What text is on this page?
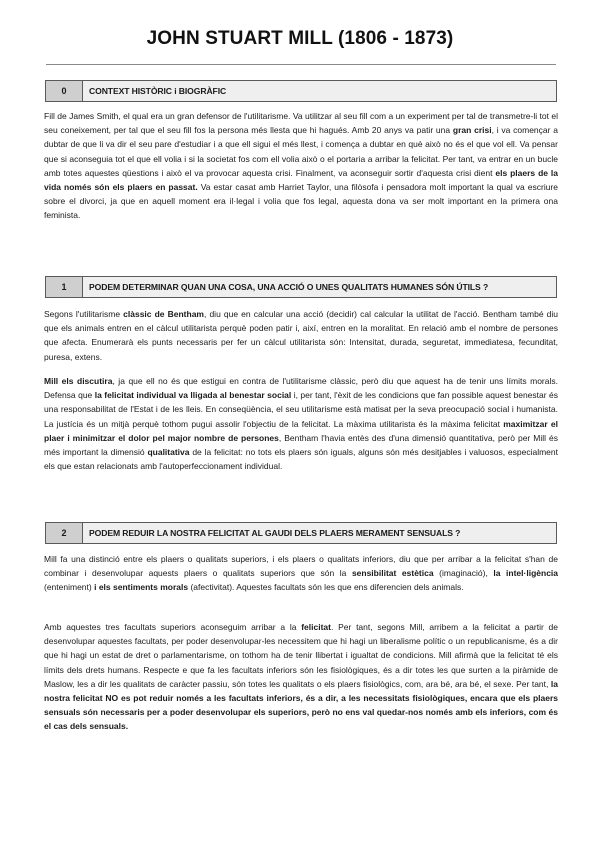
JOHN STUART MILL (1806 - 1873)
0	CONTEXT HISTÒRIC i BIOGRÀFIC

Fill de James Smith, el qual era un gran defensor de l'utilitarisme. Va utilitzar al seu fill com a un experiment per tal de transmetre-li tot el seu coneixement, per tal que el seu fill fos la persona més llesta que hi hagués. Amb 20 anys va patir una gran crisi, i va començar a dubtar de que li va dir el seu pare d'estudiar i a que ell sigui el més llest, i comença a dubtar en què això no és el que vol ell. Va pensar que si aconseguia tot el que ell volia i si la societat fos com ell volia això o el portaria a arribar la felicitat. Per tant, va entrar en un bucle amb totes aquestes qüestions i això el va provocar aquesta crisi. Finalment, va aconseguir sortir d'aquesta crisi dient els plaers de la vida només són els plaers en passat. Va estar casat amb Harriet Taylor, una filòsofa i pensadora molt important la qual va escriure sobre el divorci, ja que en aquell moment era il·legal i volia que fos legal, aquesta dona va ser molt important en la primera ona feminista.

1	PODEM DETERMINAR QUAN UNA COSA, UNA ACCIÓ O UNES QUALITATS HUMANES SÓN ÚTILS ?

Segons l'utilitarisme clàssic de Bentham, diu que en calcular una acció (decidir) cal calcular la utilitat de l'acció. Bentham també diu que els animals entren en el càlcul utilitarista perquè poden patir i, així, entren en la moralitat. En relació amb el nombre de persones que afecta. Enumerarà els punts necessaris per fer un càlcul utilitarista són: Intensitat, durada, seguretat, immediatesa, fecunditat, puresa, extens.

Mill els discutira, ja que ell no és que estigui en contra de l'utilitarisme clàssic, però diu que aquest ha de tenir uns límits morals. Defensa que la felicitat individual va lligada al benestar social i, per tant, l'èxit de les condicions que fan possible aquest benestar és una responsabilitat de l'Estat i de les lleis. En conseqüència, el seu utilitarisme està matisat per la seva preocupació social i humanista. La justícia és un mitjà perquè tothom pugui assolir l'objectiu de la felicitat. La màxima utilitarista és la màxima felicitat maximitzar el plaer i minimitzar el dolor pel major nombre de persones, Bentham l'havia entès des d'una dimensió quantitativa, però per Mill és més important la dimensió qualitativa de la felicitat: no tots els plaers són iguals, alguns són més desitjables i valuosos, especialment els que estan relacionats amb l'autoperfeccionament individual.

2	PODEM REDUIR LA NOSTRA FELICITAT AL GAUDI DELS PLAERS MERAMENT SENSUALS ?

Mill fa una distinció entre els plaers o qualitats superiors, i els plaers o qualitats inferiors, diu que per arribar a la felicitat s'han de combinar i desenvolupar aquests plaers o qualitats superiors que són la sensibilitat estètica (imaginació), la intel·ligència (enteniment) i els sentiments morals (afectivitat). Aquestes facultats són les que ens diferencien dels animals.

Amb aquestes tres facultats superiors aconseguim arribar a la felicitat. Per tant, segons Mill, arribem a la felicitat a partir de desenvolupar aquestes facultats, per poder desenvolupar-les necessitem que hi hagi un liberalisme polític o un republicanisme, és a dir que hi hagi un estat de dret o parlamentarisme, on tothom ha de tenir llibertat i igualtat de condicions. Mill afirmà que la felicitat té els límits dels drets humans. Respecte e que fa les facultats inferiors són les fisiològiques, és a dir totes les que surten a la piràmide de Maslow, les a dir les qualitats de caràcter passiu, són totes les qualitats o els plaers fisiològics, com, ara bé, ara bé, el sexe. Per tant, la nostra felicitat NO es pot reduir només a les facultats inferiors, és a dir, a les necessitats fisiològiques, encara que els plaers sensuals són necessaris per a poder desenvolupar els superiors, però no ens val quedar-nos només amb els inferiors, com és el cas dels sensuals.
